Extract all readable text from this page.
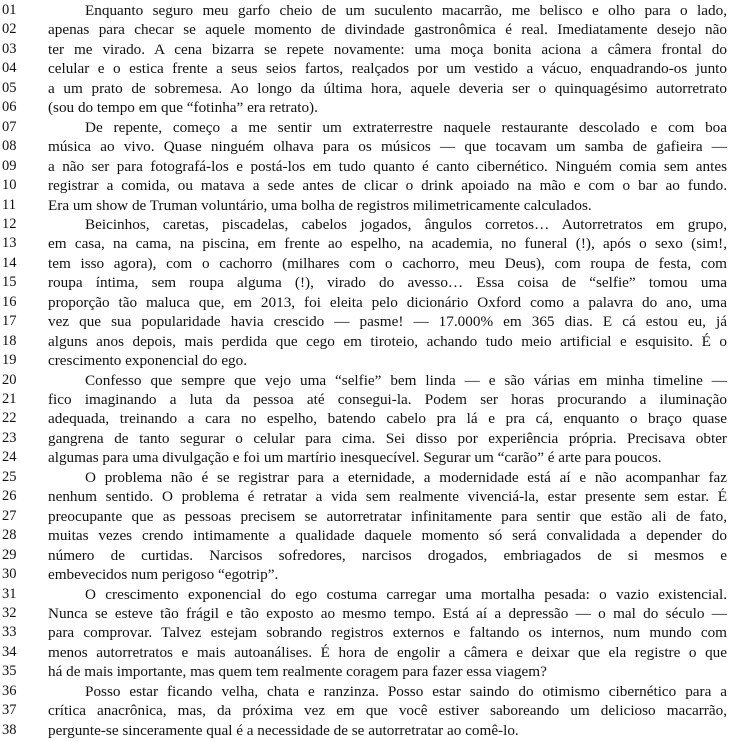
01	Enquanto seguro meu garfo cheio de um suculento macarrão, me belisco e olho para o lado,
02	apenas para checar se aquele momento de divindade gastronômica é real. Imediatamente desejo não
03	ter me virado. A cena bizarra se repete novamente: uma moça bonita aciona a câmera frontal do
04	celular e o estica frente a seus seios fartos, realçados por um vestido a vácuo, enquadrando-os junto
05	a um prato de sobremesa. Ao longo da última hora, aquele deveria ser o quinquagésimo autorretrato
06	(sou do tempo em que “fotinha” era retrato).
07	De repente, começo a me sentir um extraterrestre naquele restaurante descolado e com boa
08	música ao vivo. Quase ninguém olhava para os músicos — que tocavam um samba de gafieira —
09	a não ser para fotografá-los e postá-los em tudo quanto é canto cibernético. Ninguém comia sem antes
10	registrar a comida, ou matava a sede antes de clicar o drink apoiado na mão e com o bar ao fundo.
11	Era um show de Truman voluntário, uma bolha de registros milimetricamente calculados.
12	Beicinhos, caretas, piscadelas, cabelos jogados, ângulos corretos… Autorretratos em grupo,
13	em casa, na cama, na piscina, em frente ao espelho, na academia, no funeral (!), após o sexo (sim!,
14	tem isso agora), com o cachorro (milhares com o cachorro, meu Deus), com roupa de festa, com
15	roupa íntima, sem roupa alguma (!), virado do avesso… Essa coisa de “selfie” tomou uma
16	proporção tão maluca que, em 2013, foi eleita pelo dicionário Oxford como a palavra do ano, uma
17	vez que sua popularidade havia crescido — pasme! — 17.000% em 365 dias. E cá estou eu, já
18	alguns anos depois, mais perdida que cego em tiroteio, achando tudo meio artificial e esquisito. É o
19	crescimento exponencial do ego.
20	Confesso que sempre que vejo uma “selfie” bem linda — e são várias em minha timeline —
21	fico imaginando a luta da pessoa até consegui-la. Podem ser horas procurando a iluminação
22	adequada, treinando a cara no espelho, batendo cabelo pra lá e pra cá, enquanto o braço quase
23	gangrena de tanto segurar o celular para cima. Sei disso por experiência própria. Precisava obter
24	algumas para uma divulgação e foi um martírio inesquecível. Segurar um “carão” é arte para poucos.
25	O problema não é se registrar para a eternidade, a modernidade está aí e não acompanhar faz
26	nenhum sentido. O problema é retratar a vida sem realmente vivenciá-la, estar presente sem estar. É
27	preocupante que as pessoas precisem se autorretratar infinitamente para sentir que estão ali de fato,
28	muitas vezes crendo intimamente a qualidade daquele momento só será convalidada a depender do
29	número de curtidas. Narcisos sofredores, narcisos drogados, embriagados de si mesmos e
30	embevecidos num perigoso “egotrip”.
31	O crescimento exponencial do ego costuma carregar uma mortalha pesada: o vazio existencial.
32	Nunca se esteve tão frágil e tão exposto ao mesmo tempo. Está aí a depressão — o mal do século —
33	para comprovar. Talvez estejam sobrando registros externos e faltando os internos, num mundo com
34	menos autorretratos e mais autoanálises. É hora de engolir a câmera e deixar que ela registre o que
35	há de mais importante, mas quem tem realmente coragem para fazer essa viagem?
36	Posso estar ficando velha, chata e ranzinza. Posso estar saindo do otimismo cibernético para a
37	crítica anacrônica, mas, da próxima vez em que você estiver saboreando um delicioso macarrão,
38	pergunte-se sinceramente qual é a necessidade de se autorretratar ao comê-lo.
